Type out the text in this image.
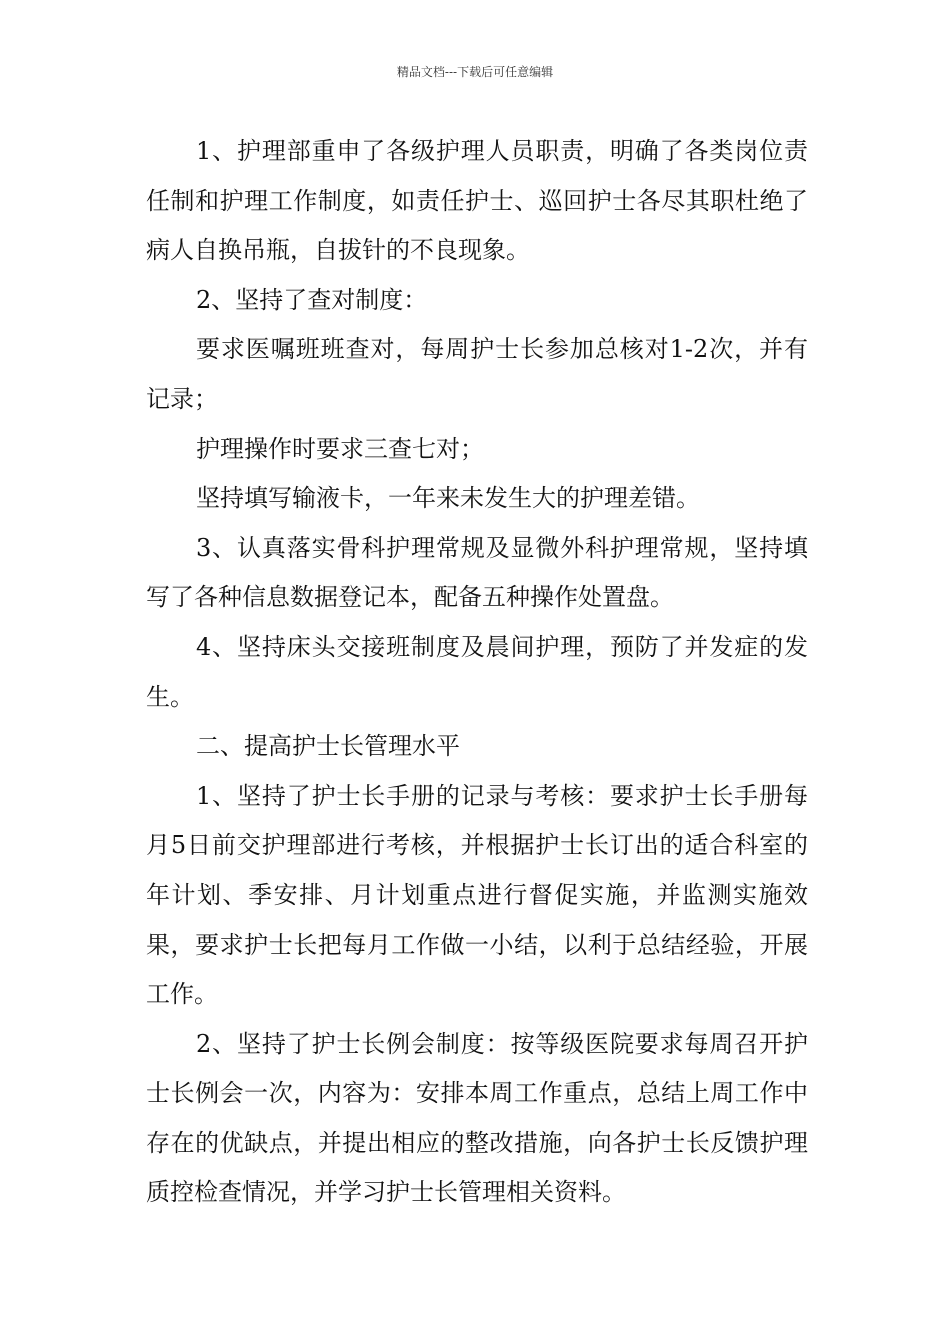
精品文档---下载后可任意编辑

1、护理部重申了各级护理人员职责，明确了各类岗位责任制和护理工作制度，如责任护士、巡回护士各尽其职杜绝了病人自换吊瓶，自拔针的不良现象。

2、坚持了查对制度：

要求医嘱班班查对，每周护士长参加总核对1-2次，并有记录；

护理操作时要求三查七对；

坚持填写输液卡，一年来未发生大的护理差错。

3、认真落实骨科护理常规及显微外科护理常规，坚持填写了各种信息数据登记本，配备五种操作处置盘。

4、坚持床头交接班制度及晨间护理，预防了并发症的发生。

二、提高护士长管理水平

1、坚持了护士长手册的记录与考核：要求护士长手册每月5日前交护理部进行考核，并根据护士长订出的适合科室的年计划、季安排、月计划重点进行督促实施，并监测实施效果，要求护士长把每月工作做一小结，以利于总结经验，开展工作。

2、坚持了护士长例会制度：按等级医院要求每周召开护士长例会一次，内容为：安排本周工作重点，总结上周工作中存在的优缺点，并提出相应的整改措施，向各护士长反馈护理质控检查情况，并学习护士长管理相关资料。
